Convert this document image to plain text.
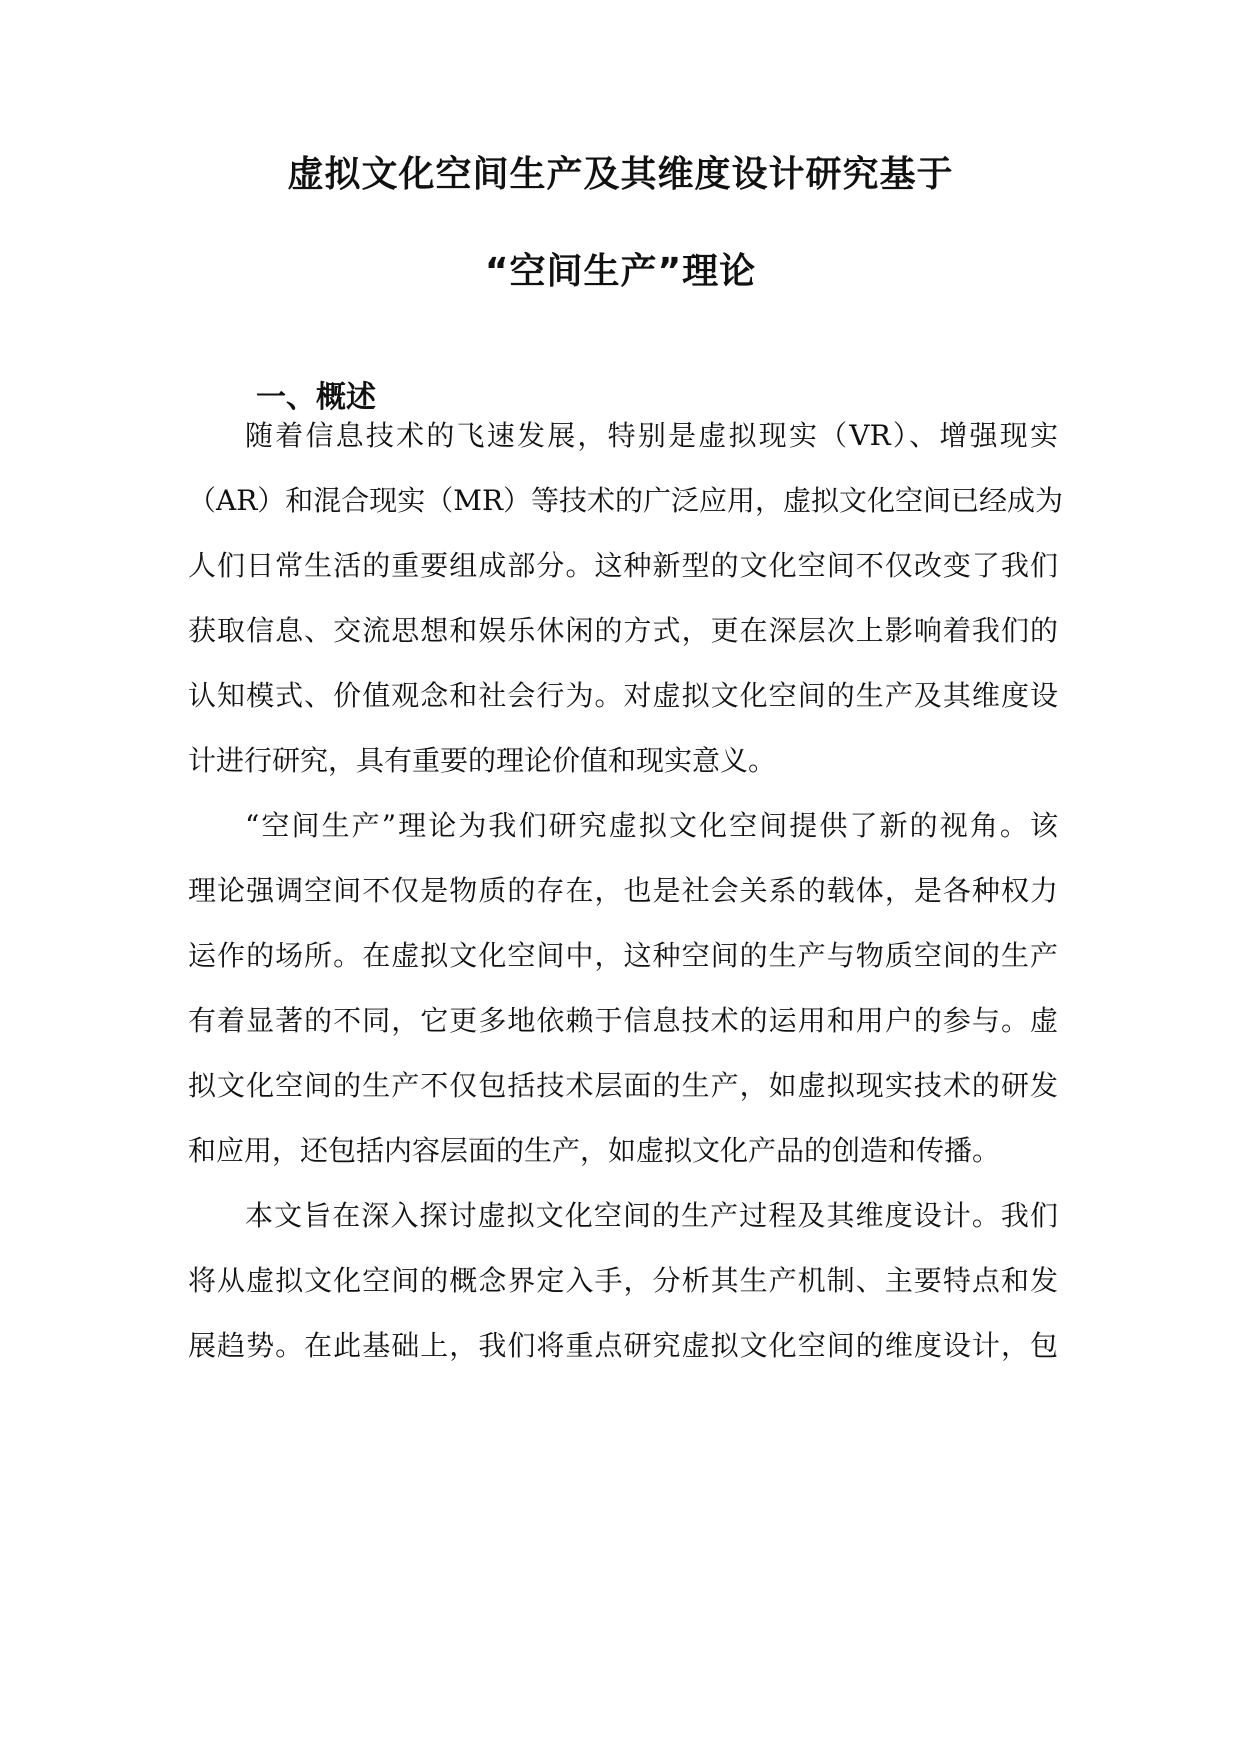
虚拟文化空间生产及其维度设计研究基于
“空间生产”理论
一、概述

随着信息技术的飞速发展，特别是虚拟现实（VR）、增强现实

（AR）和混合现实（MR）等技术的广泛应用，虚拟文化空间已经成为

人们日常生活的重要组成部分。这种新型的文化空间不仅改变了我们

获取信息、交流思想和娱乐休闲的方式，更在深层次上影响着我们的

认知模式、价值观念和社会行为。对虚拟文化空间的生产及其维度设

计进行研究，具有重要的理论价值和现实意义。

“空间生产”理论为我们研究虚拟文化空间提供了新的视角。该

理论强调空间不仅是物质的存在，也是社会关系的载体，是各种权力

运作的场所。在虚拟文化空间中，这种空间的生产与物质空间的生产

有着显著的不同，它更多地依赖于信息技术的运用和用户的参与。虚

拟文化空间的生产不仅包括技术层面的生产，如虚拟现实技术的研发

和应用，还包括内容层面的生产，如虚拟文化产品的创造和传播。

本文旨在深入探讨虚拟文化空间的生产过程及其维度设计。我们

将从虚拟文化空间的概念界定入手，分析其生产机制、主要特点和发

展趋势。在此基础上，我们将重点研究虚拟文化空间的维度设计，包
